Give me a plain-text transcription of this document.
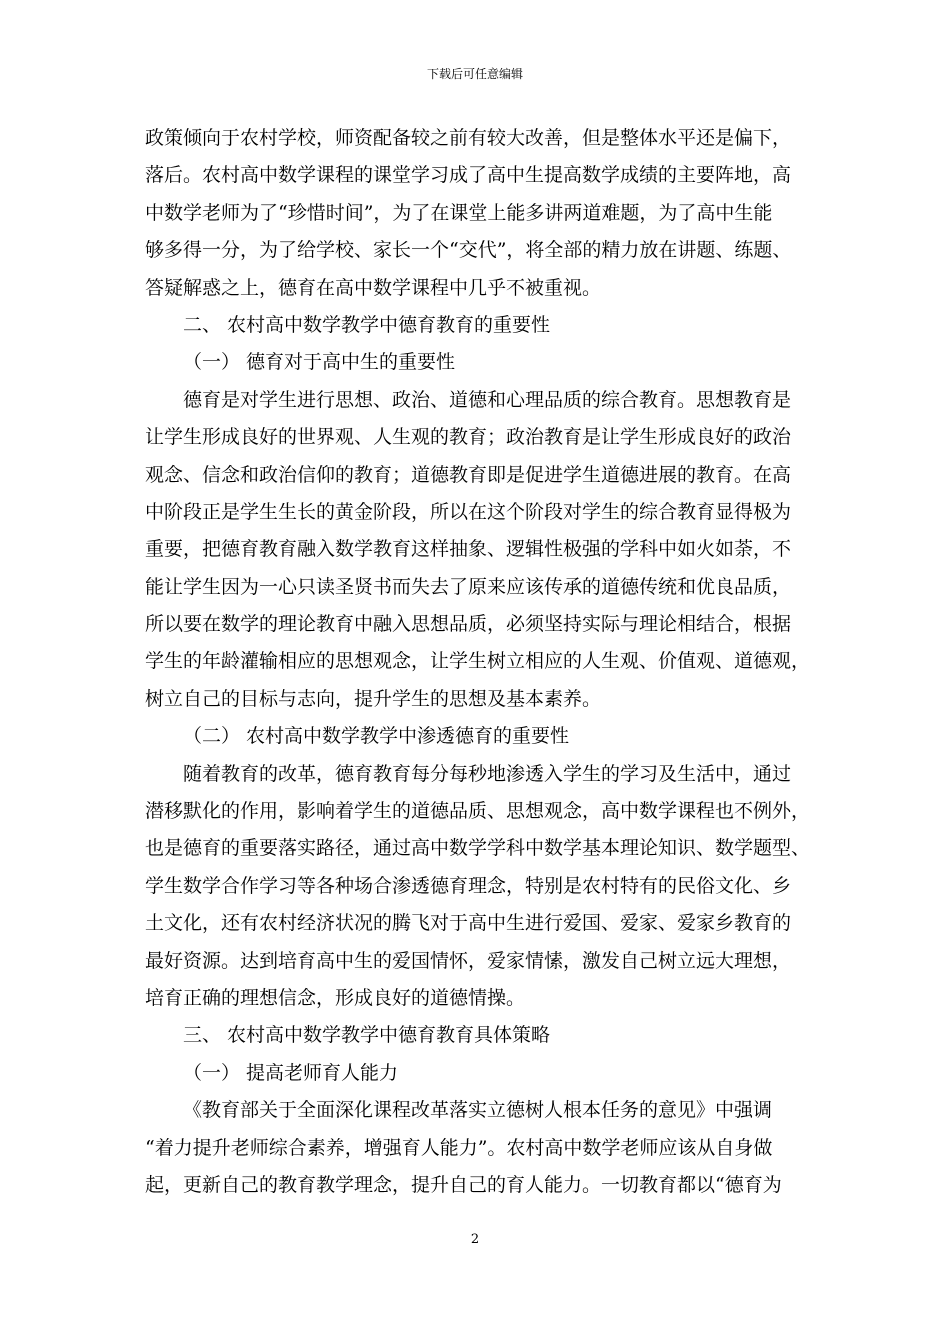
下载后可任意编辑
政策倾向于农村学校，师资配备较之前有较大改善，但是整体水平还是偏下，
落后。农村高中数学课程的课堂学习成了高中生提高数学成绩的主要阵地，高
中数学老师为了“珍惜时间”，为了在课堂上能多讲两道难题，为了高中生能
够多得一分，为了给学校、家长一个“交代”，将全部的精力放在讲题、练题、
答疑解惑之上，德育在高中数学课程中几乎不被重视。
二、 农村高中数学教学中德育教育的重要性
（一） 德育对于高中生的重要性
德育是对学生进行思想、政治、道德和心理品质的综合教育。思想教育是
让学生形成良好的世界观、人生观的教育；政治教育是让学生形成良好的政治
观念、信念和政治信仰的教育；道德教育即是促进学生道德进展的教育。在高
中阶段正是学生生长的黄金阶段，所以在这个阶段对学生的综合教育显得极为
重要，把德育教育融入数学教育这样抽象、逻辑性极强的学科中如火如荼，不
能让学生因为一心只读圣贤书而失去了原来应该传承的道德传统和优良品质，
所以要在数学的理论教育中融入思想品质，必须坚持实际与理论相结合，根据
学生的年龄灌输相应的思想观念，让学生树立相应的人生观、价值观、道德观，
树立自己的目标与志向，提升学生的思想及基本素养。
（二） 农村高中数学教学中渗透德育的重要性
随着教育的改革，德育教育每分每秒地渗透入学生的学习及生活中，通过
潜移默化的作用，影响着学生的道德品质、思想观念，高中数学课程也不例外，
也是德育的重要落实路径，通过高中数学学科中数学基本理论知识、数学题型、
学生数学合作学习等各种场合渗透德育理念，特别是农村特有的民俗文化、乡
土文化，还有农村经济状况的腾飞对于高中生进行爱国、爱家、爱家乡教育的
最好资源。达到培育高中生的爱国情怀，爱家情愫，激发自己树立远大理想，
培育正确的理想信念，形成良好的道德情操。
三、 农村高中数学教学中德育教育具体策略
（一） 提高老师育人能力
《教育部关于全面深化课程改革落实立德树人根本任务的意见》中强调
“着力提升老师综合素养，增强育人能力”。农村高中数学老师应该从自身做
起，更新自己的教育教学理念，提升自己的育人能力。一切教育都以“德育为
2
